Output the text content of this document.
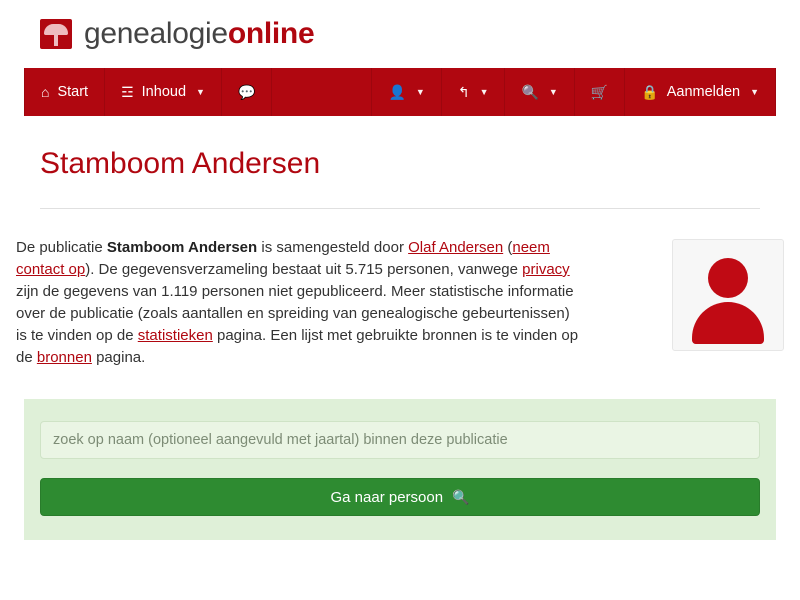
genealogieonline
⌂ Start ☲ Inhoud ▼ 💬	👤 ▼ ↰ ▼ 🔍 ▼ 🛒 🔒 Aanmelden ▼
Stamboom Andersen
De publicatie Stamboom Andersen is samengesteld door Olaf Andersen (neem contact op). De gegevensverzameling bestaat uit 5.715 personen, vanwege privacy zijn de gegevens van 1.119 personen niet gepubliceerd. Meer statistische informatie over de publicatie (zoals aantallen en spreiding van genealogische gebeurtenissen) is te vinden op de statistieken pagina. Een lijst met gebruikte bronnen is te vinden op de bronnen pagina.
zoek op naam (optioneel aangevuld met jaartal) binnen deze publicatie
Ga naar persoon 🔍
